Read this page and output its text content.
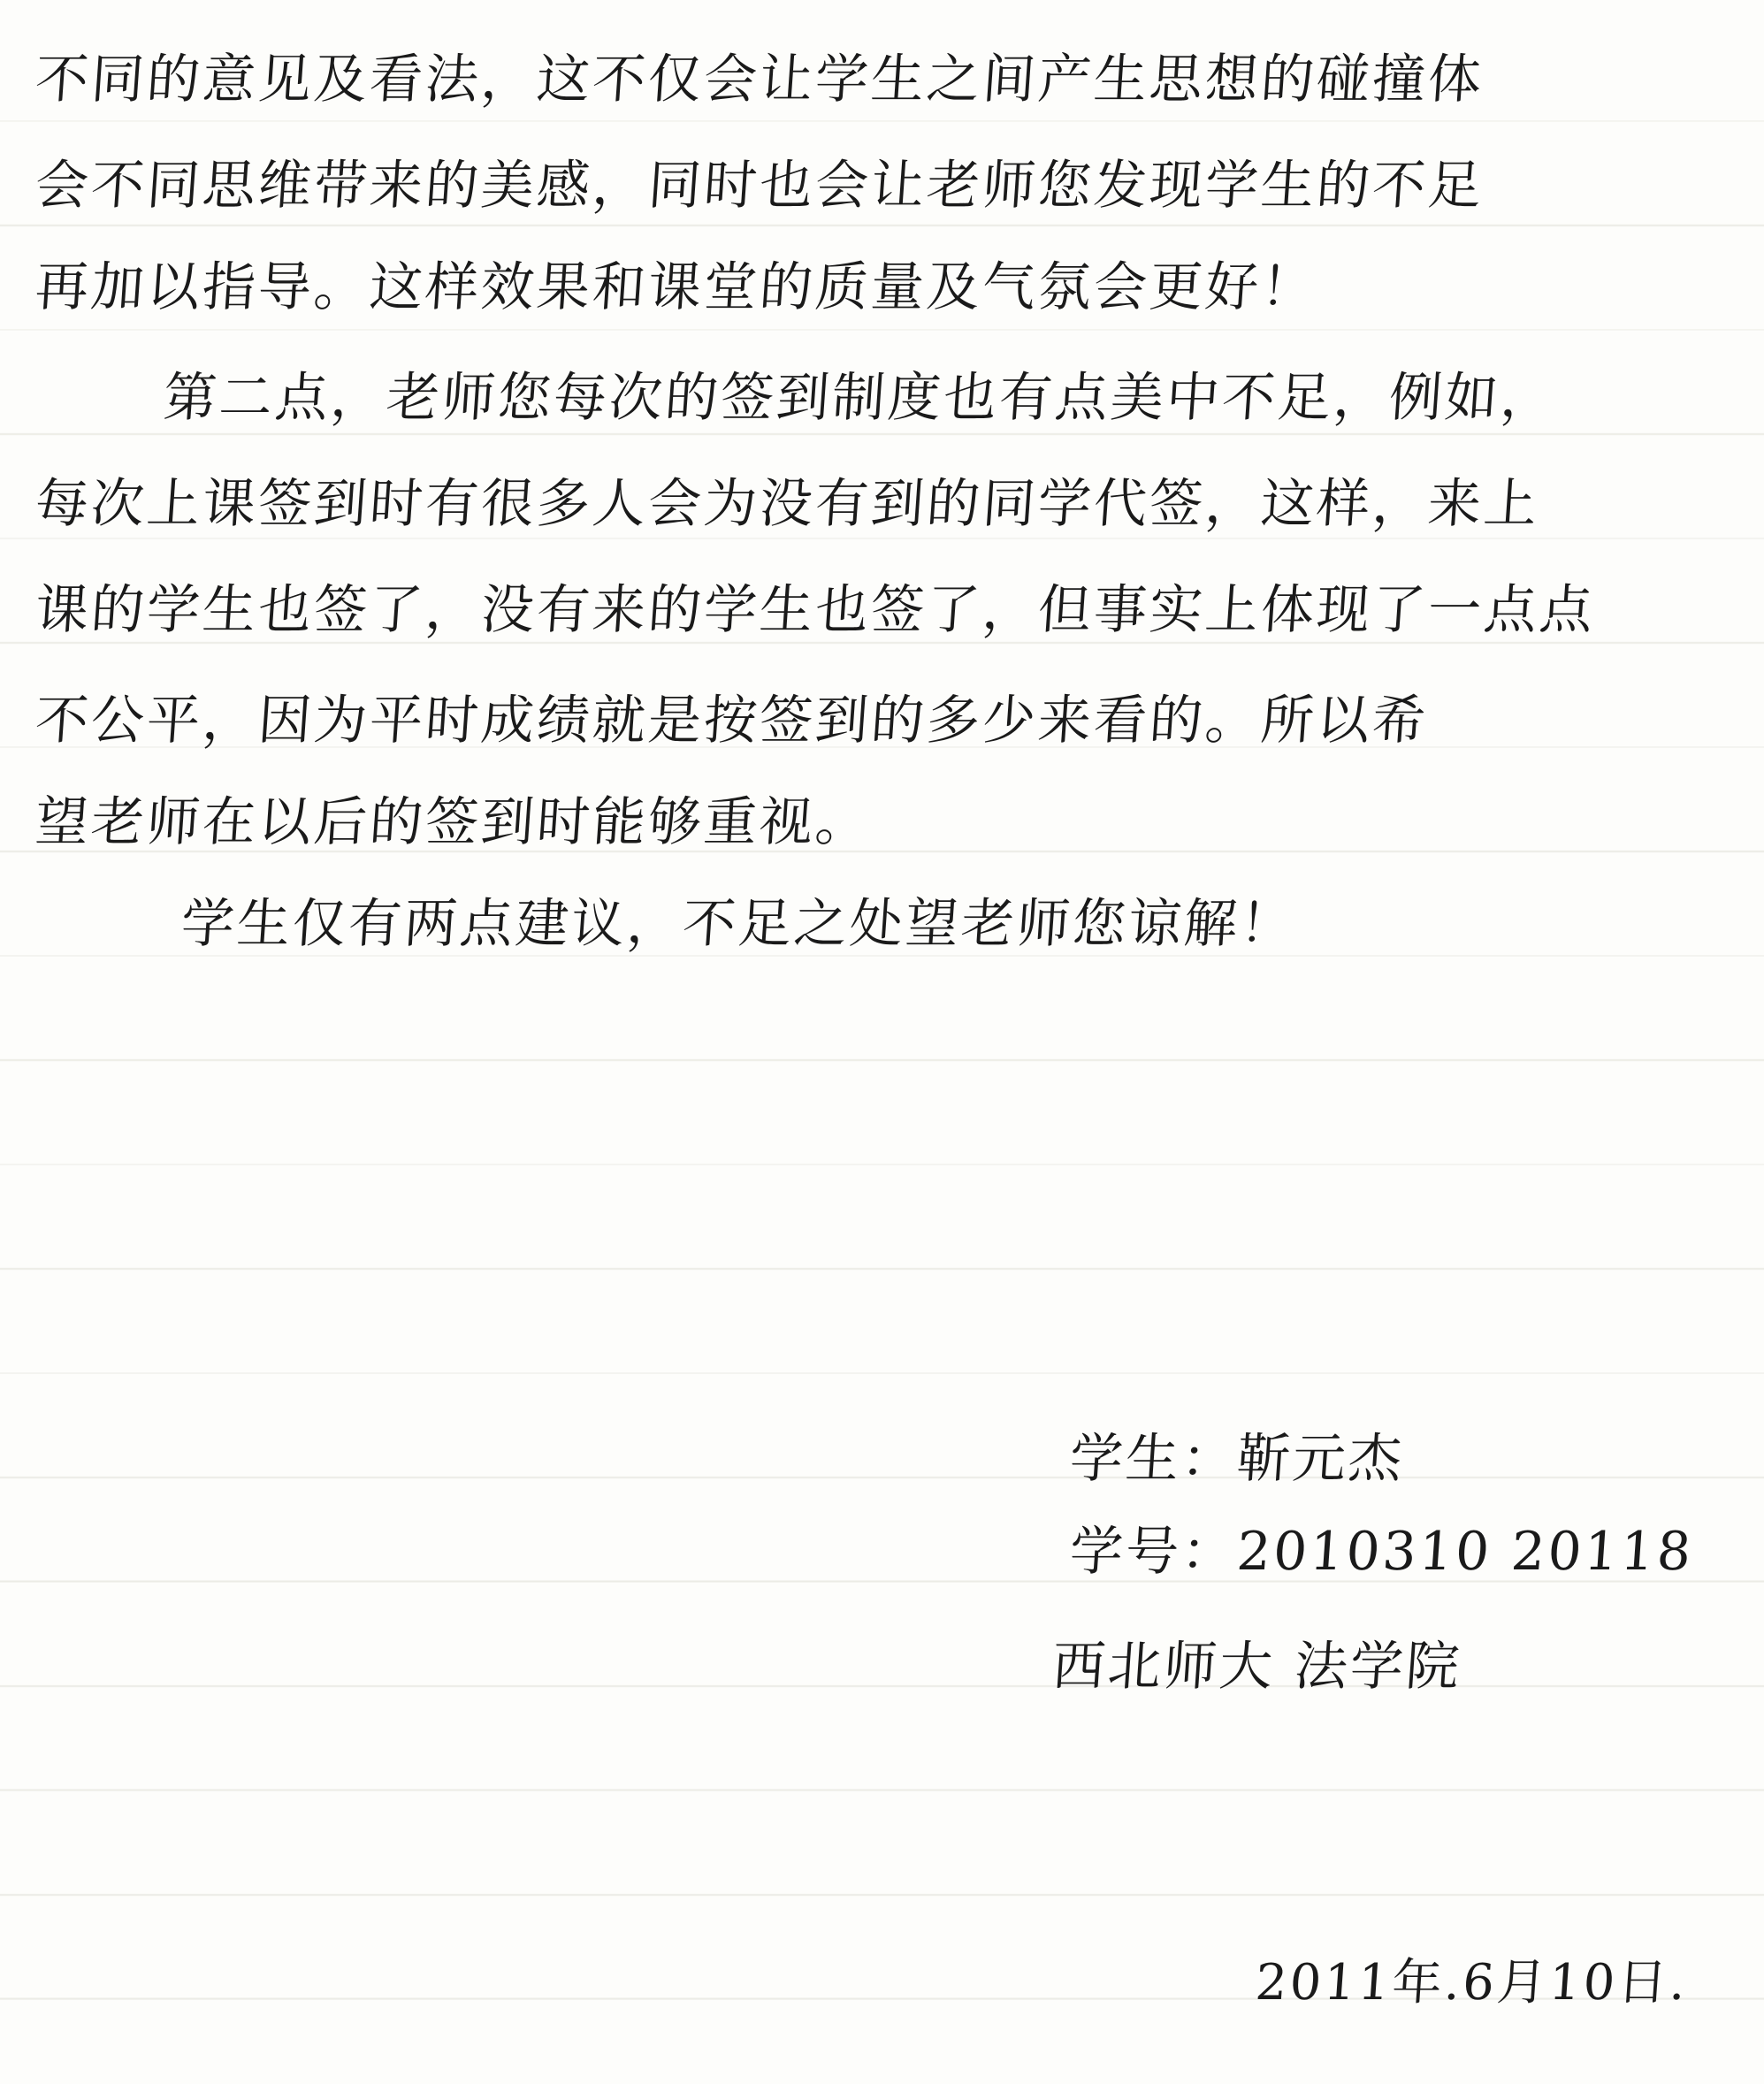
不同的意见及看法，这不仅会让学生之间产生思想的碰撞体
会不同思维带来的美感，同时也会让老师您发现学生的不足
再加以指导。这样效果和课堂的质量及气氛会更好！
第二点，老师您每次的签到制度也有点美中不足，例如，
每次上课签到时有很多人会为没有到的同学代签，这样，来上
课的学生也签了，没有来的学生也签了，但事实上体现了一点点
不公平，因为平时成绩就是按签到的多少来看的。所以希
望老师在以后的签到时能够重视。
学生仅有两点建议，不足之处望老师您谅解！
学生：靳元杰
学号：2010310 20118
西北师大 法学院
2011年.6月10日.
